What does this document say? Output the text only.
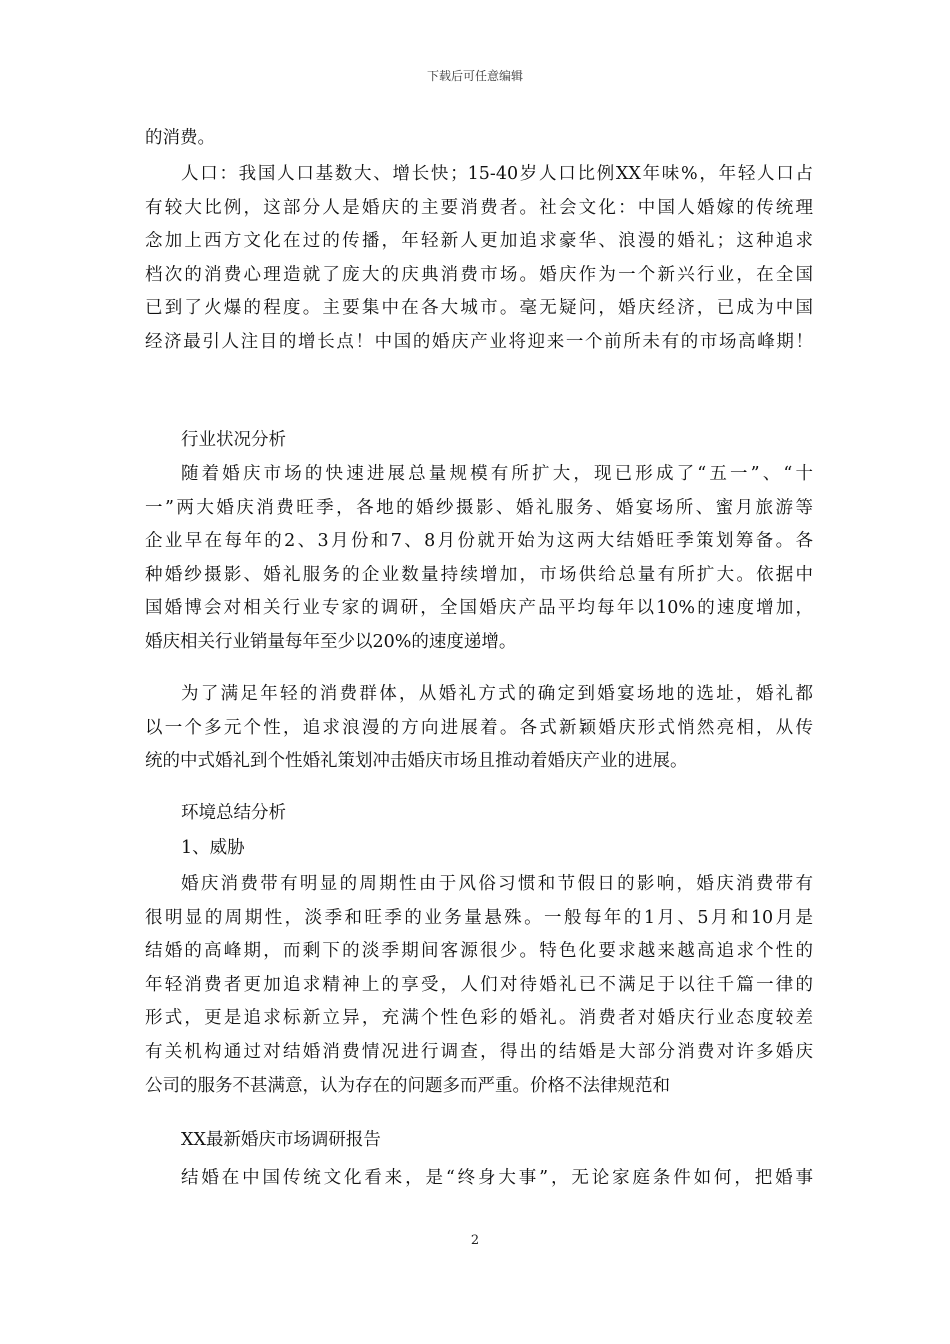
下载后可任意编辑
的消费。
人口：我国人口基数大、增长快；15-40岁人口比例XX年味%，年轻人口占
有较大比例，这部分人是婚庆的主要消费者。社会文化：中国人婚嫁的传统理
念加上西方文化在过的传播，年轻新人更加追求豪华、浪漫的婚礼；这种追求
档次的消费心理造就了庞大的庆典消费市场。婚庆作为一个新兴行业，在全国
已到了火爆的程度。主要集中在各大城市。毫无疑问，婚庆经济，已成为中国
经济最引人注目的增长点！中国的婚庆产业将迎来一个前所未有的市场高峰期！
行业状况分析
随着婚庆市场的快速进展总量规模有所扩大，现已形成了“五一”、“十
一”两大婚庆消费旺季，各地的婚纱摄影、婚礼服务、婚宴场所、蜜月旅游等
企业早在每年的2、3月份和7、8月份就开始为这两大结婚旺季策划筹备。各
种婚纱摄影、婚礼服务的企业数量持续增加，市场供给总量有所扩大。依据中
国婚博会对相关行业专家的调研，全国婚庆产品平均每年以10%的速度增加，
婚庆相关行业销量每年至少以20%的速度递增。
为了满足年轻的消费群体，从婚礼方式的确定到婚宴场地的选址，婚礼都
以一个多元个性，追求浪漫的方向进展着。各式新颖婚庆形式悄然亮相，从传
统的中式婚礼到个性婚礼策划冲击婚庆市场且推动着婚庆产业的进展。
环境总结分析
1、威胁
婚庆消费带有明显的周期性由于风俗习惯和节假日的影响，婚庆消费带有
很明显的周期性，淡季和旺季的业务量悬殊。一般每年的1月、5月和10月是
结婚的高峰期，而剩下的淡季期间客源很少。特色化要求越来越高追求个性的
年轻消费者更加追求精神上的享受，人们对待婚礼已不满足于以往千篇一律的
形式，更是追求标新立异，充满个性色彩的婚礼。消费者对婚庆行业态度较差
有关机构通过对结婚消费情况进行调查，得出的结婚是大部分消费对许多婚庆
公司的服务不甚满意，认为存在的问题多而严重。价格不法律规范和
XX最新婚庆市场调研报告
结婚在中国传统文化看来，是“终身大事”，无论家庭条件如何，把婚事
2
